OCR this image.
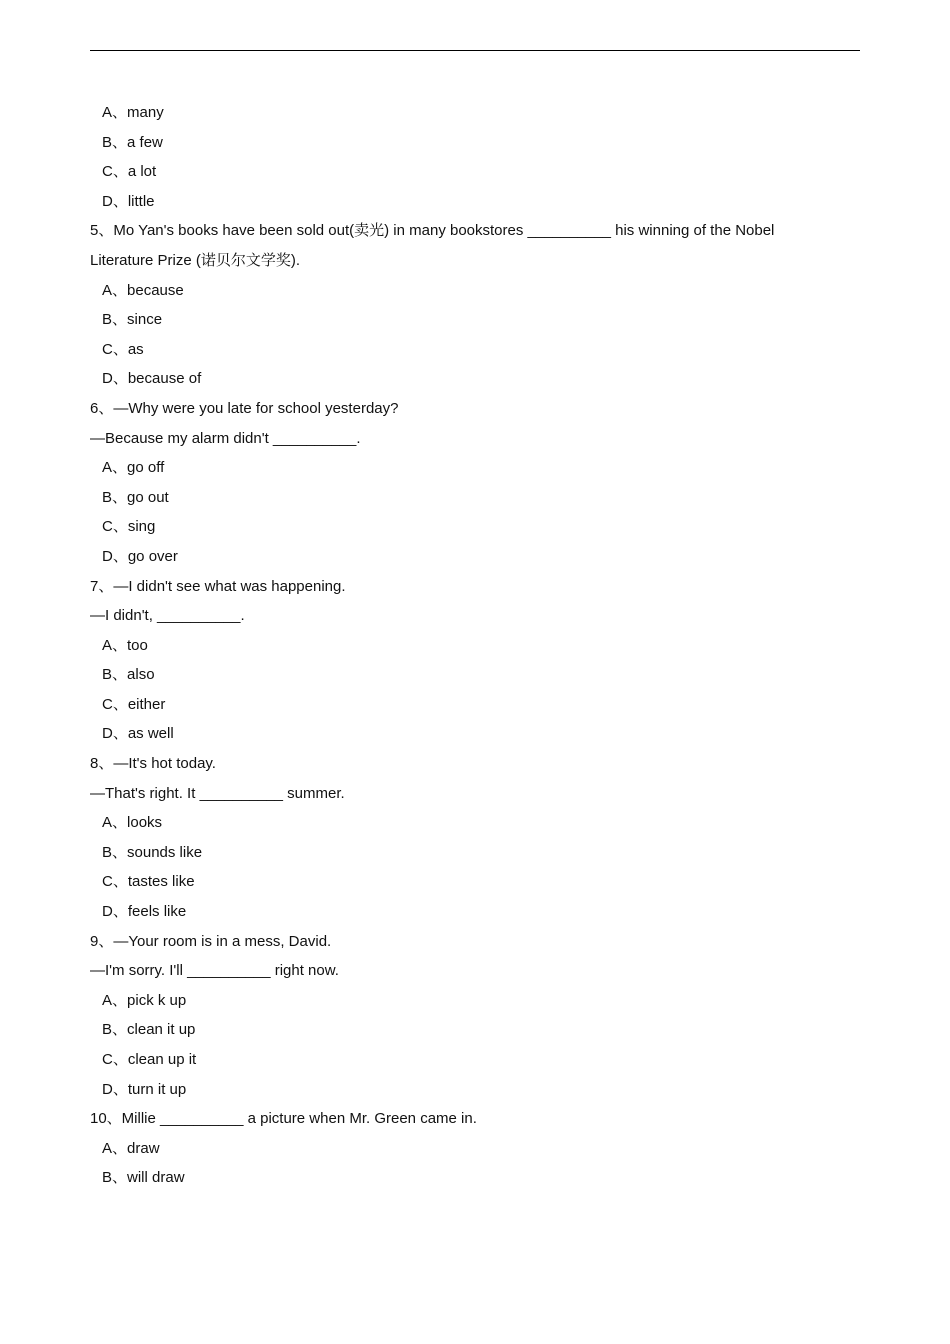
A、many
B、a few
C、a lot
D、little
5、Mo Yan's books have been sold out(卖光) in many bookstores __________ his winning of the Nobel
Literature Prize (诺贝尔文学奖).
A、because
B、since
C、as
D、because of
6、—Why were you late for school yesterday?
—Because my alarm didn't __________.
A、go off
B、go out
C、sing
D、go over
7、—I didn't see what was happening.
—I didn't, __________.
A、too
B、also
C、either
D、as well
8、—It's hot today.
—That's right. It __________ summer.
A、looks
B、sounds like
C、tastes like
D、feels like
9、—Your room is in a mess, David.
—I'm sorry. I'll __________ right now.
A、pick k up
B、clean it up
C、clean up it
D、turn it up
10、Millie __________ a picture when Mr. Green came in.
A、draw
B、will draw
